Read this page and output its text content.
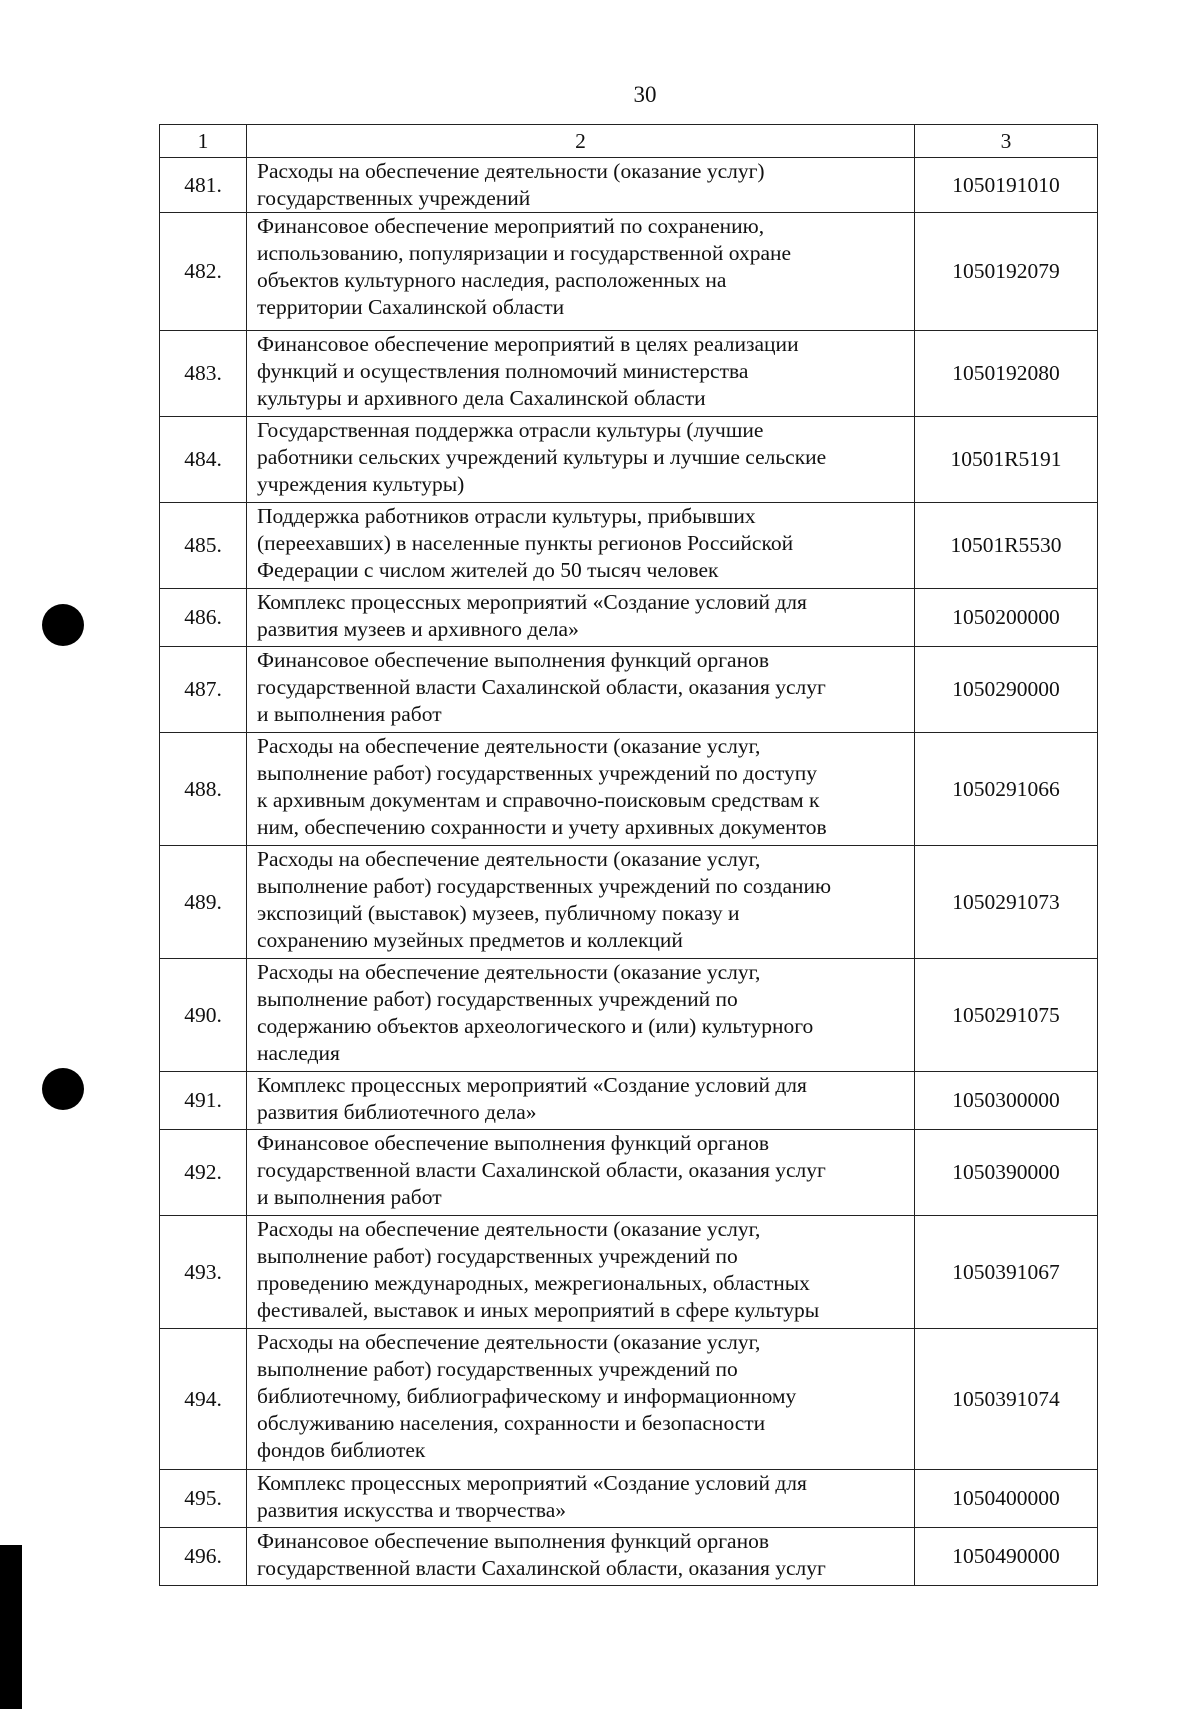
30
1	2	3
481.	Расходы на обеспечение деятельности (оказание услуг)
государственных учреждений	1050191010
482.	Финансовое обеспечение мероприятий по сохранению,
использованию, популяризации и государственной охране
объектов культурного наследия, расположенных на
территории Сахалинской области	1050192079
483.	Финансовое обеспечение мероприятий в целях реализации
функций и осуществления полномочий министерства
культуры и архивного дела Сахалинской области	1050192080
484.	Государственная поддержка отрасли культуры (лучшие
работники сельских учреждений культуры и лучшие сельские
учреждения культуры)	10501R5191
485.	Поддержка работников отрасли культуры, прибывших
(переехавших) в населенные пункты регионов Российской
Федерации с числом жителей до 50 тысяч человек	10501R5530
486.	Комплекс процессных мероприятий «Создание условий для
развития музеев и архивного дела»	1050200000
487.	Финансовое обеспечение выполнения функций органов
государственной власти Сахалинской области, оказания услуг
и выполнения работ	1050290000
488.	Расходы на обеспечение деятельности (оказание услуг,
выполнение работ) государственных учреждений по доступу
к архивным документам и справочно-поисковым средствам к
ним, обеспечению сохранности и учету архивных документов	1050291066
489.	Расходы на обеспечение деятельности (оказание услуг,
выполнение работ) государственных учреждений по созданию
экспозиций (выставок) музеев, публичному показу и
сохранению музейных предметов и коллекций	1050291073
490.	Расходы на обеспечение деятельности (оказание услуг,
выполнение работ) государственных учреждений по
содержанию объектов археологического и (или) культурного
наследия	1050291075
491.	Комплекс процессных мероприятий «Создание условий для
развития библиотечного дела»	1050300000
492.	Финансовое обеспечение выполнения функций органов
государственной власти Сахалинской области, оказания услуг
и выполнения работ	1050390000
493.	Расходы на обеспечение деятельности (оказание услуг,
выполнение работ) государственных учреждений по
проведению международных, межрегиональных, областных
фестивалей, выставок и иных мероприятий в сфере культуры	1050391067
494.	Расходы на обеспечение деятельности (оказание услуг,
выполнение работ) государственных учреждений по
библиотечному, библиографическому и информационному
обслуживанию населения, сохранности и безопасности
фондов библиотек	1050391074
495.	Комплекс процессных мероприятий «Создание условий для
развития искусства и творчества»	1050400000
496.	Финансовое обеспечение выполнения функций органов
государственной власти Сахалинской области, оказания услуг	1050490000
